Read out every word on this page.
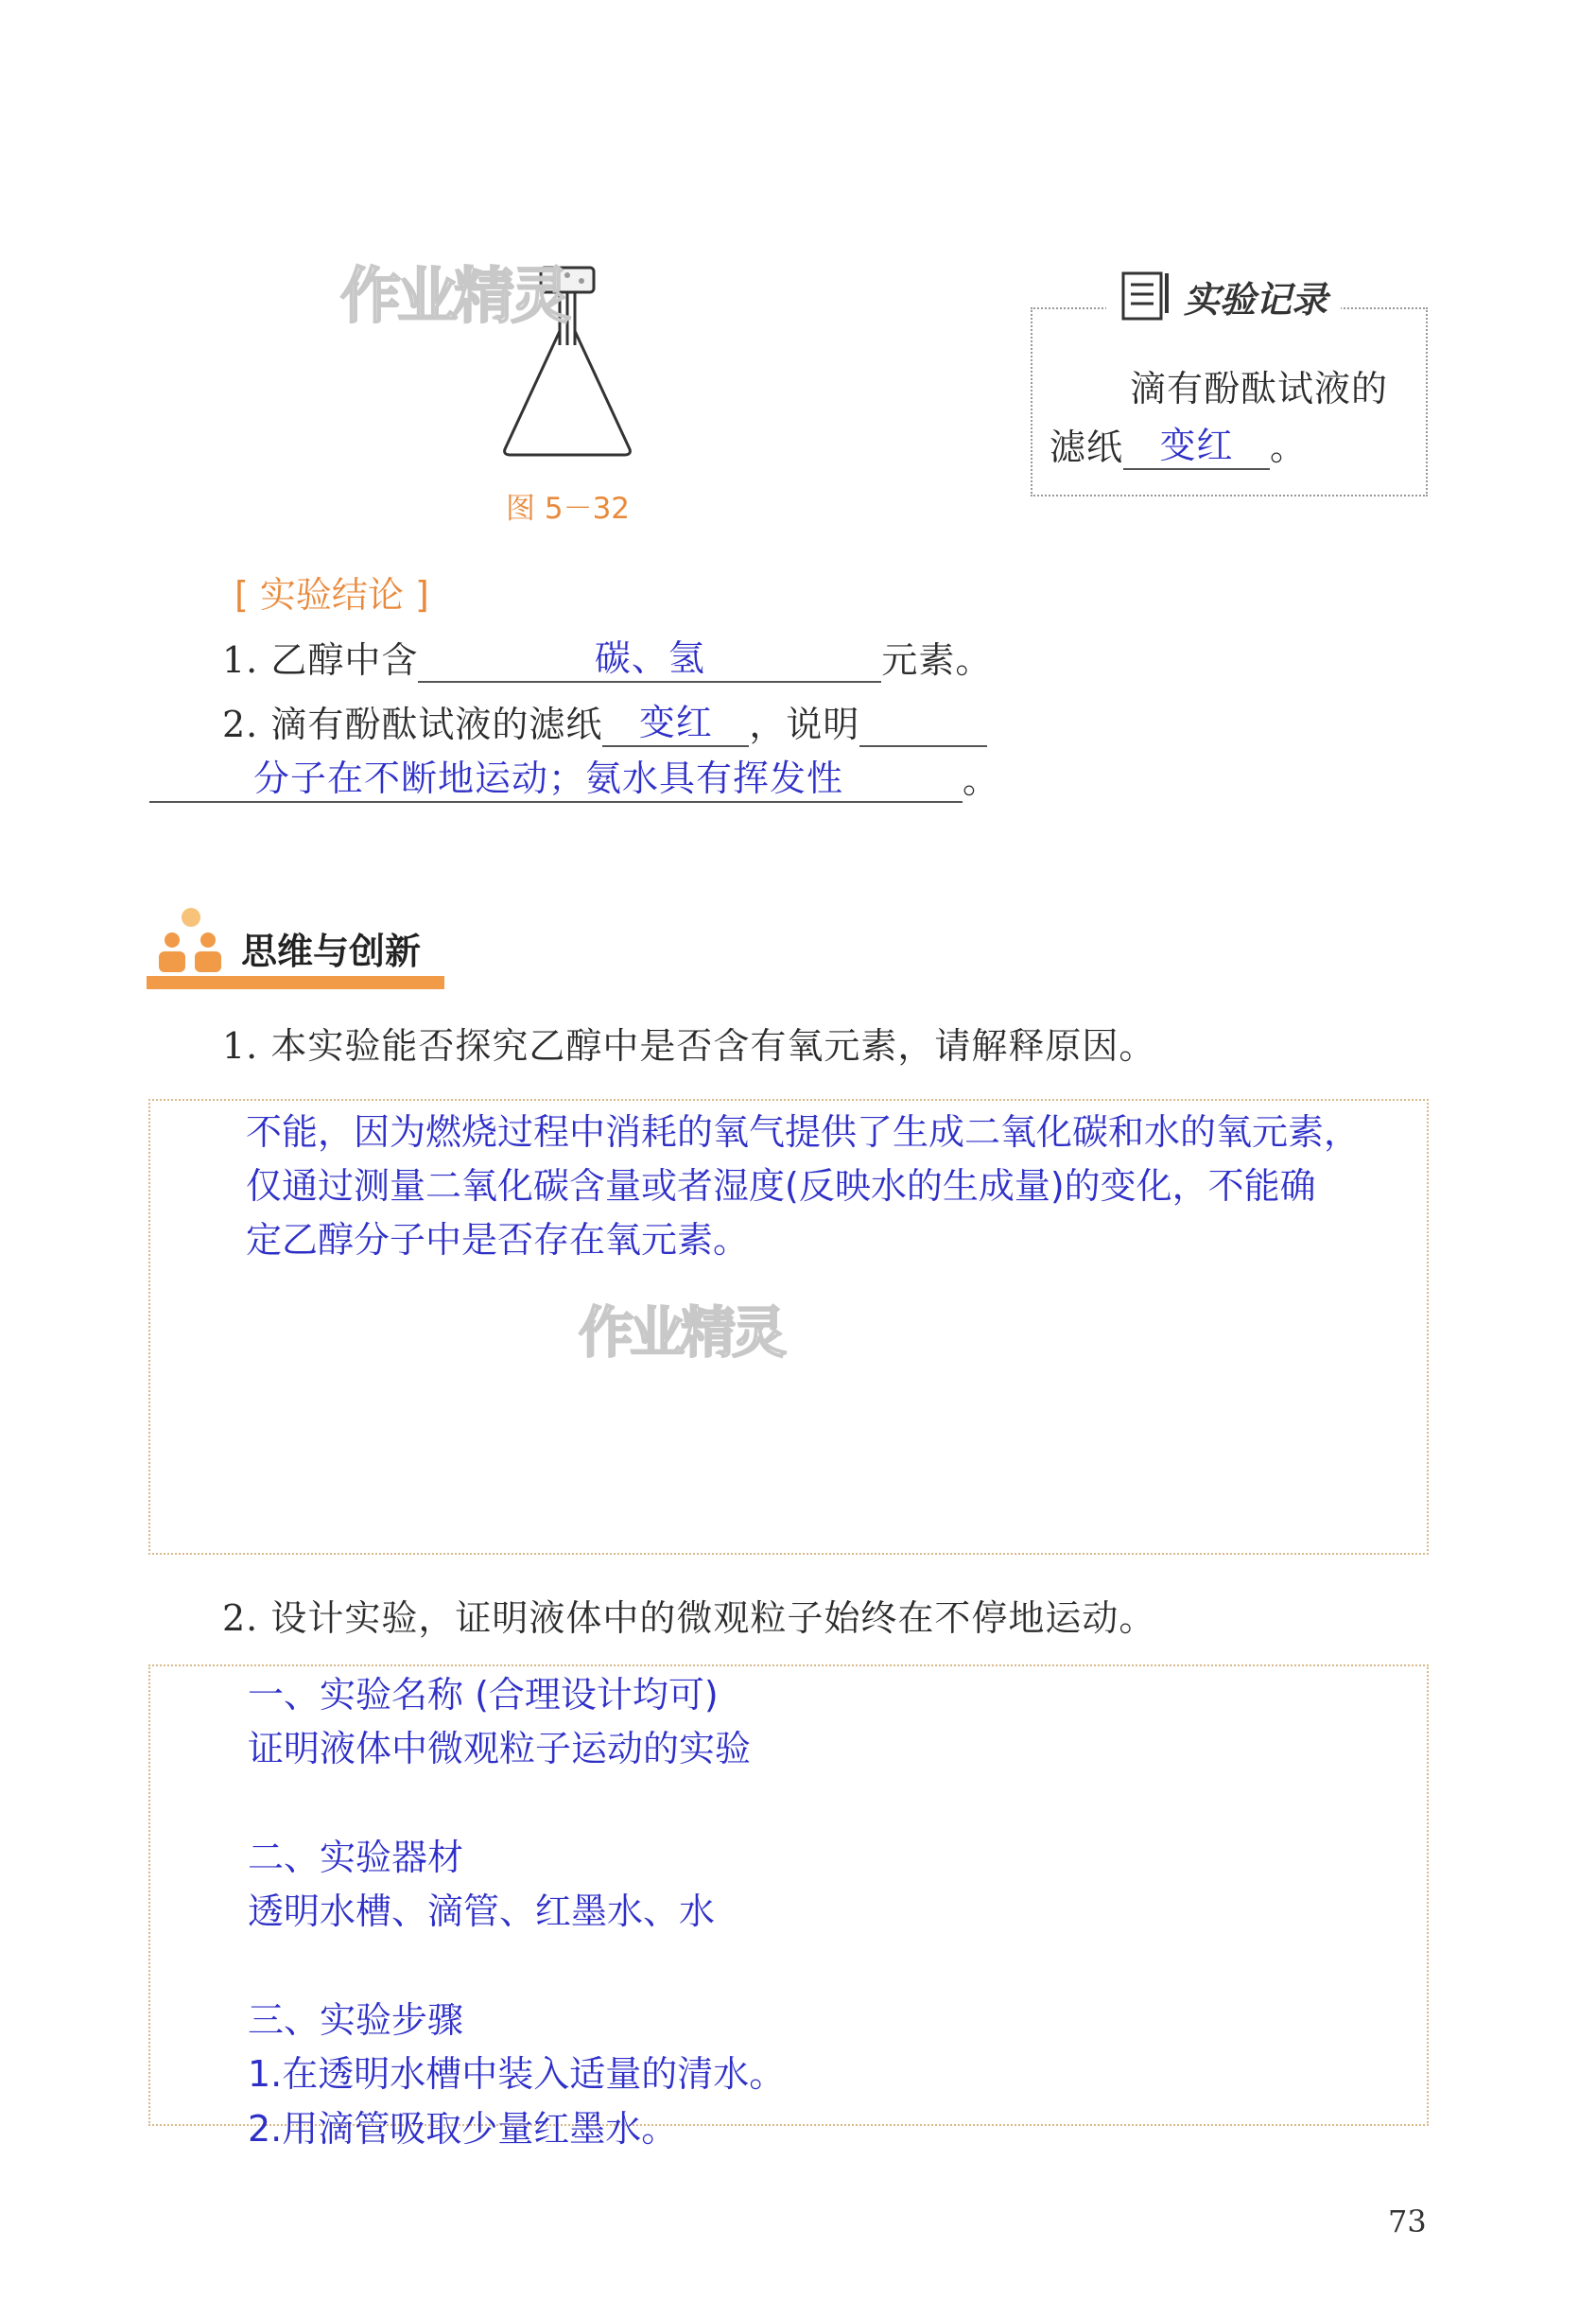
作业精灵
图 5－32
实验记录
滴有酚酞试液的
滤纸 变红 。
[ 实验结论 ]
1. 乙醇中含	碳、氢	元素。
2. 滴有酚酞试液的滤纸 变红 ，说明
分子在不断地运动；氨水具有挥发性	。
思维与创新
1. 本实验能否探究乙醇中是否含有氧元素，请解释原因。
不能，因为燃烧过程中消耗的氧气提供了生成二氧化碳和水的氧元素，
仅通过测量二氧化碳含量或者湿度(反映水的生成量)的变化，不能确
定乙醇分子中是否存在氧元素。
作业精灵
2. 设计实验，证明液体中的微观粒子始终在不停地运动。
一、实验名称 (合理设计均可)
证明液体中微观粒子运动的实验
二、实验器材
透明水槽、滴管、红墨水、水
三、实验步骤
1.在透明水槽中装入适量的清水。
2.用滴管吸取少量红墨水。
73
